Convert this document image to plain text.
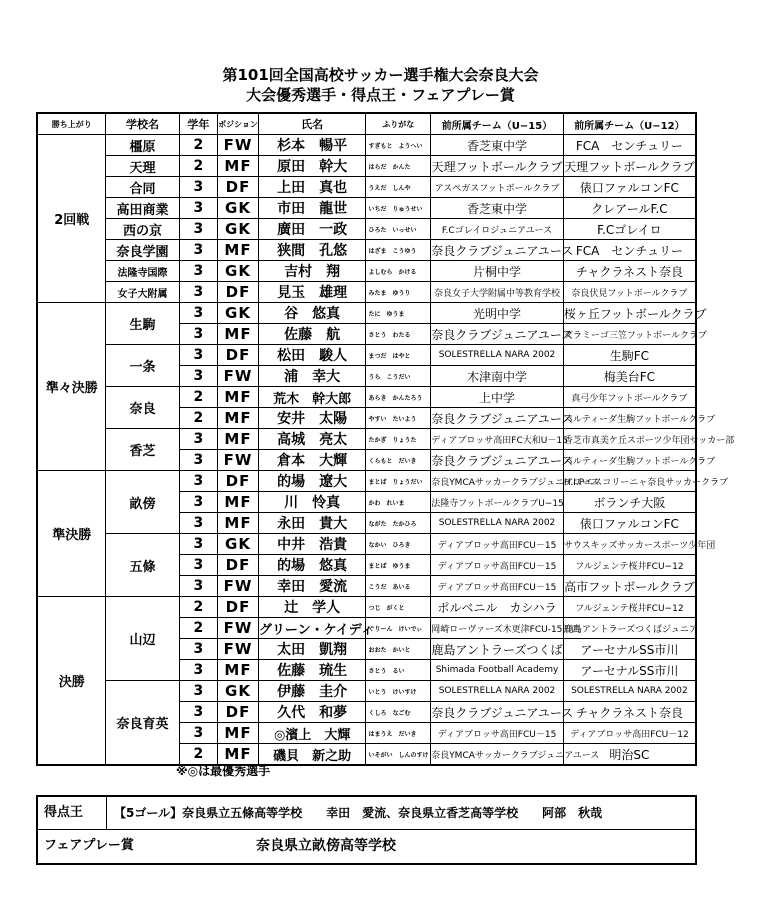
第101回全国高校サッカー選手権大会奈良大会
大会優秀選手・得点王・フェアプレー賞
勝ち上がり	学校名	学年	ポジション	氏名	ふりがな	前所属チーム（U−15）	前所属チーム（U−12）
2回戦	橿原	2	FW	杉本　暢平	すぎもと　ようへい	香芝東中学	FCA　センチュリー
	天理	2	MF	原田　幹大	はらだ　かんた	天理フットボールクラブ	天理フットボールクラブ
	合同	3	DF	上田　真也	うえだ　しんや	アスペガスフットボールクラブ	俵口ファルコンFC
	高田商業	3	GK	市田　龍世	いちだ　りゅうせい	香芝東中学	クレアールF.C
	西の京	3	GK	廣田　一政	ひろた　いっせい	F.Cゴレイロジュニアユース	F.Cゴレイロ
	奈良学園	3	MF	狭間　孔悠	はざま　こうゆう	奈良クラブジュニアユース	FCA　センチュリー
	法隆寺国際	3	GK	吉村　翔	よしむら　かける	片桐中学	チャクラネスト奈良
	女子大附属	3	DF	見玉　雄理	みたま　ゆうり	奈良女子大学附属中等教育学校	奈良伏見フットボールクラブ
準々決勝	生駒	3	GK	谷　悠真	たに　ゆうま	光明中学	桜ヶ丘フットボールクラブ
		3	MF	佐藤　航	さとう　わたる	奈良クラブジュニアユース	グラミーゴ三笠フットボールクラブ
	一条	3	DF	松田　駿人	まつだ　はやと	SOLESTRELLA NARA 2002	生駒FC
		3	FW	浦　幸大	うら　こうだい	木津南中学	梅美台FC
	奈良	2	MF	荒木　幹大郎	あらき　かんたろう	上中学	真弓少年フットボールクラブ
		2	MF	安井　太陽	やすい　たいよう	奈良クラブジュニアユース	パルティーダ生駒フットボールクラブ
	香芝	3	MF	高城　亮太	たかぎ　りょうた	ディアブロッサ高田FC大和U－15	香芝市真美ケ丘スポーツ少年団サッカー部
		3	FW	倉本　大輝	くらもと　だいき	奈良クラブジュニアユース	パルティーダ生駒フットボールクラブ
準決勝	畝傍	3	DF	的場　遼大	まとば　りょうだい	奈良YMCAサッカークラブジュニアユース	H.I.Pエスコリーニャ奈良サッカークラブ
		3	MF	川　怜真	かわ　れいま	法隆寺フットボールクラブU−15	ボランチ大阪
		3	MF	永田　貴大	ながた　たかひろ	SOLESTRELLA NARA 2002	俵口ファルコンFC
	五條	3	GK	中井　浩貴	なかい　ひろき	ディアブロッサ高田FCU－15	サウスキッズサッカースポーツ少年団
		3	DF	的場　悠真	まとば　ゆうま	ディアブロッサ高田FCU－15	フルジェンテ桜井FCU−12
		3	FW	幸田　愛流	こうだ　あいる	ディアブロッサ高田FCU－15	高市フットボールクラブ
決勝	山辺	2	DF	辻　学人	つじ　がくと	ポルベニル　カシハラ	フルジェンテ桜井FCU−12
		2	FW	グリーン・ケイディ	ぐりーん　けいでぃ	岡崎ローヴァーズ木更津FCU-15田西	鹿島アントラーズつくばジュニア
		3	FW	太田　凱翔	おおた　かいと	鹿島アントラーズつくば	アーセナルSS市川
		3	MF	佐藤　琉生	さとう　るい	Shimada Football Academy	アーセナルSS市川
	奈良育英	3	GK	伊藤　圭介	いとう　けいすけ	SOLESTRELLA NARA 2002	SOLESTRELLA NARA 2002
		3	DF	久代　和夢	くしろ　なごむ	奈良クラブジュニアユース	チャクラネスト奈良
		3	MF	◎濱上　大輝	はまうえ　だいき	ディアブロッサ高田FCU－15	ディアブロッサ高田FCU－12
		2	MF	磯貝　新之助	いそがい　しんのすけ	奈良YMCAサッカークラブジュニアユース	明治SC
※◎は最優秀選手
得点王	【5ゴール】奈良県立五條高等学校　　幸田　愛流、奈良県立香芝高等学校　　阿部　秋哉
フェアプレー賞	奈良県立畝傍高等学校
